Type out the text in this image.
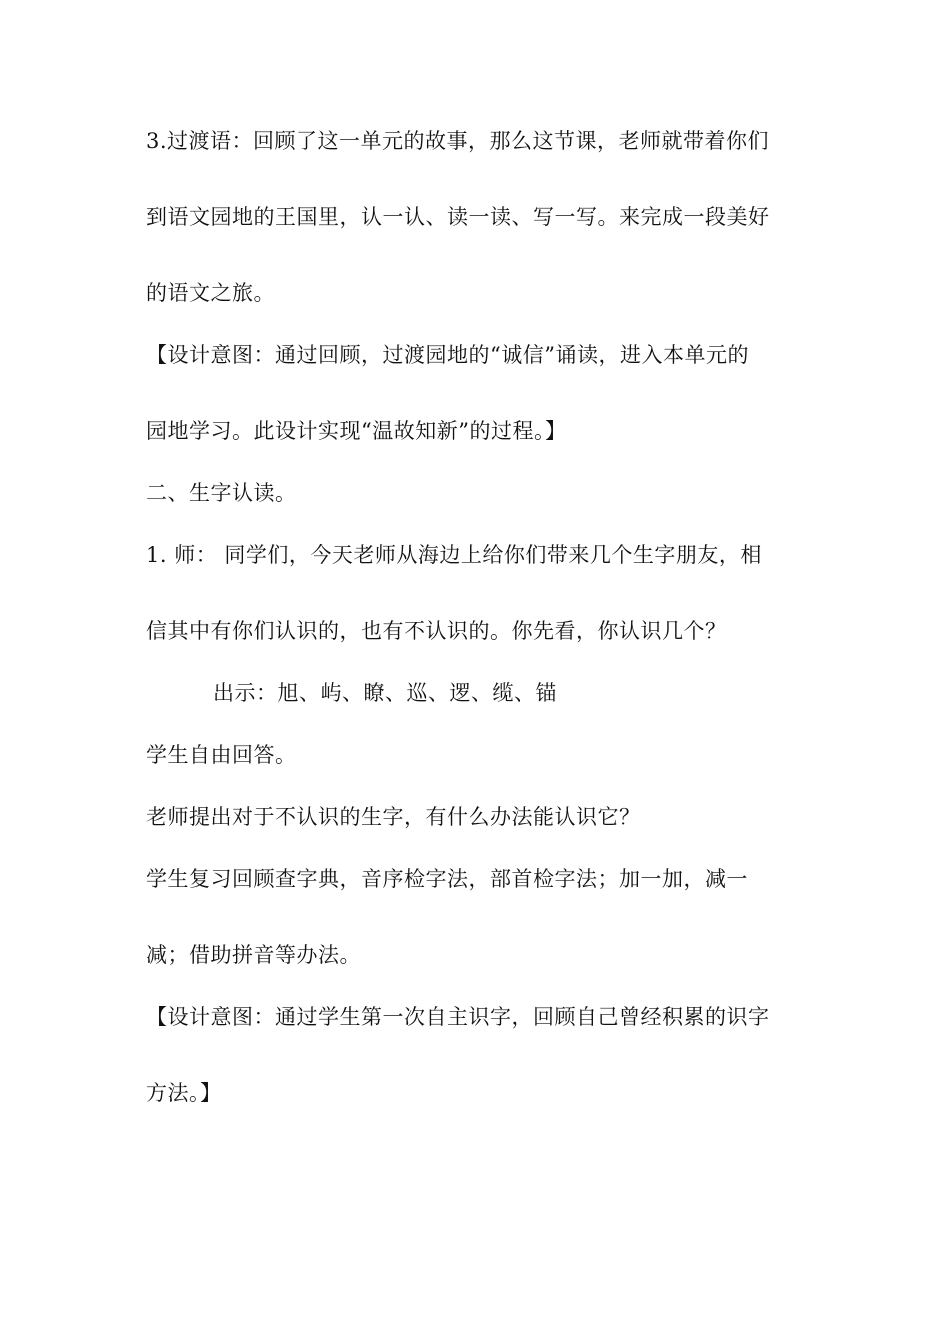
3.过渡语：回顾了这一单元的故事，那么这节课，老师就带着你们
到语文园地的王国里，认一认、读一读、写一写。来完成一段美好
的语文之旅。
【设计意图：通过回顾，过渡园地的“诚信”诵读，进入本单元的
园地学习。此设计实现“温故知新”的过程。】
二、生字认读。
1. 师： 同学们，今天老师从海边上给你们带来几个生字朋友，相
信其中有你们认识的，也有不认识的。你先看，你认识几个？
出示：旭、屿、瞭、巡、逻、缆、锚
学生自由回答。
老师提出对于不认识的生字，有什么办法能认识它？
学生复习回顾查字典，音序检字法，部首检字法；加一加，减一
减；借助拼音等办法。
【设计意图：通过学生第一次自主识字，回顾自己曾经积累的识字
方法。】
